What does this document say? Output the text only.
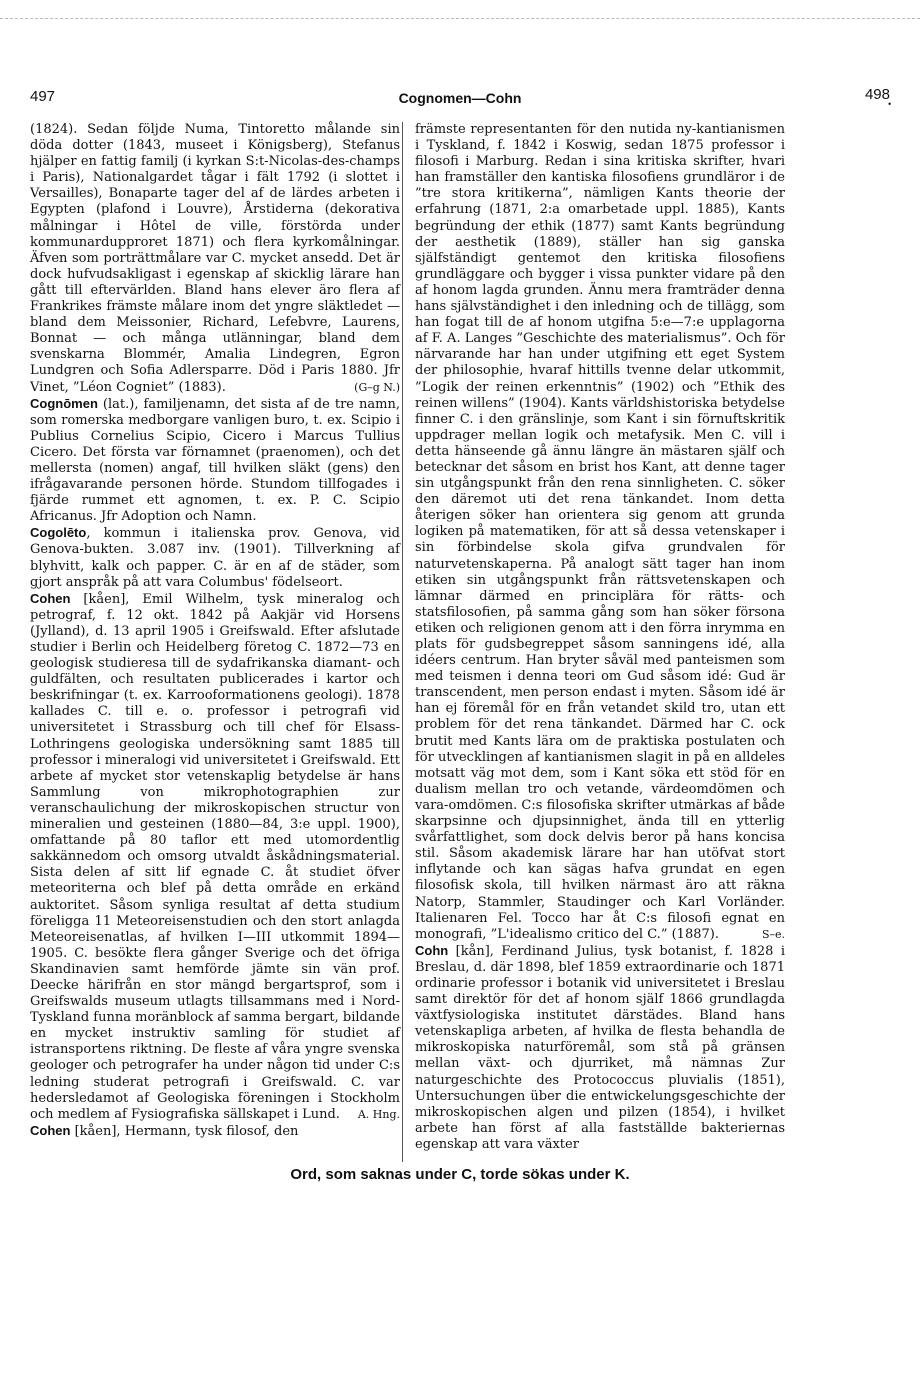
•
497	Cognomen—Cohn	498

(1824). Sedan följde Numa, Tintoretto målande sin döda dotter (1843, museet i Königsberg), Stefanus hjälper en fattig familj (i kyrkan S:t-Nicolas-des-champs i Paris), Nationalgardet tågar i fält 1792 (i slottet i Versailles), Bonaparte tager del af de lärdes arbeten i Egypten (plafond i Louvre), Årstiderna (dekorativa målningar i Hôtel de ville, förstörda under kommunardupproret 1871) och flera kyrkomålningar. Äfven som porträttmålare var C. mycket ansedd. Det är dock hufvudsakligast i egenskap af skicklig lärare han gått till eftervärlden. Bland hans elever äro flera af Frankrikes främste målare inom det yngre släktledet — bland dem Meissonier, Richard, Lefebvre, Laurens, Bonnat — och många utlänningar, bland dem svenskarna Blommér, Amalia Lindegren, Egron Lundgren och Sofia Adlersparre. Död i Paris 1880. Jfr Vinet, ”Léon Cogniet” (1883).	(G–g N.)

Cognōmen (lat.), familjenamn, det sista af de tre namn, som romerska medborgare vanligen buro, t. ex. Scipio i Publius Cornelius Scipio, Cicero i Marcus Tullius Cicero. Det första var förnamnet (praenomen), och det mellersta (nomen) angaf, till hvilken släkt (gens) den ifrågavarande personen hörde. Stundom tillfogades i fjärde rummet ett agnomen, t. ex. P. C. Scipio Africanus. Jfr Adoption och Namn.

Cogolēto, kommun i italienska prov. Genova, vid Genova-bukten. 3.087 inv. (1901). Tillverkning af blyhvitt, kalk och papper. C. är en af de städer, som gjort anspråk på att vara Columbus' födelseort.

Cohen [kåen], Emil Wilhelm, tysk mineralog och petrograf, f. 12 okt. 1842 på Aakjär vid Horsens (Jylland), d. 13 april 1905 i Greifswald. Efter afslutade studier i Berlin och Heidelberg företog C. 1872—73 en geologisk studieresa till de sydafrikanska diamant- och guldfälten, och resultaten publicerades i kartor och beskrifningar (t. ex. Karrooformationens geologi). 1878 kallades C. till e. o. professor i petrografi vid universitetet i Strassburg och till chef för Elsass-Lothringens geologiska undersökning samt 1885 till professor i mineralogi vid universitetet i Greifswald. Ett arbete af mycket stor vetenskaplig betydelse är hans Sammlung von mikrophotographien zur veranschaulichung der mikroskopischen structur von mineralien und gesteinen (1880—84, 3:e uppl. 1900), omfattande på 80 taflor ett med utomordentlig sakkännedom och omsorg utvaldt åskådningsmaterial. Sista delen af sitt lif egnade C. åt studiet öfver meteoriterna och blef på detta område en erkänd auktoritet. Såsom synliga resultat af detta studium föreligga 11 Meteoreisenstudien och den stort anlagda Meteoreisenatlas, af hvilken I—III utkommit 1894—1905. C. besökte flera gånger Sverige och det öfriga Skandinavien samt hemförde jämte sin vän prof. Deecke härifrån en stor mängd bergartsprof, som i Greifswalds museum utlagts tillsammans med i Nord-Tyskland funna moränblock af samma bergart, bildande en mycket instruktiv samling för studiet af istransportens riktning. De fleste af våra yngre svenska geologer och petrografer ha under någon tid under C:s ledning studerat petrografi i Greifswald. C. var hedersledamot af Geologiska föreningen i Stockholm och medlem af Fysiografiska sällskapet i Lund. A. Hng.

Cohen [kåen], Hermann, tysk filosof, den

främste representanten för den nutida ny-kantianismen i Tyskland, f. 1842 i Koswig, sedan 1875 professor i filosofi i Marburg. Redan i sina kritiska skrifter, hvari han framställer den kantiska filosofiens grundläror i de ”tre stora kritikerna”, nämligen Kants theorie der erfahrung (1871, 2:a omarbetade uppl. 1885), Kants begründung der ethik (1877) samt Kants begründung der aesthetik (1889), ställer han sig ganska själfständigt gentemot den kritiska filosofiens grundläggare och bygger i vissa punkter vidare på den af honom lagda grunden. Ännu mera framträder denna hans självständighet i den inledning och de tillägg, som han fogat till de af honom utgifna 5:e—7:e upplagorna af F. A. Langes ”Geschichte des materialismus”. Och för närvarande har han under utgifning ett eget System der philosophie, hvaraf hittills tvenne delar utkommit, ”Logik der reinen erkenntnis” (1902) och ”Ethik des reinen willens” (1904). Kants världshistoriska betydelse finner C. i den gränslinje, som Kant i sin förnuftskritik uppdrager mellan logik och metafysik. Men C. vill i detta hänseende gå ännu längre än mästaren själf och betecknar det såsom en brist hos Kant, att denne tager sin utgångspunkt från den rena sinnligheten. C. söker den däremot uti det rena tänkandet. Inom detta återigen söker han orientera sig genom att grunda logiken på matematiken, för att så dessa vetenskaper i sin förbindelse skola gifva grundvalen för naturvetenskaperna. På analogt sätt tager han inom etiken sin utgångspunkt från rättsvetenskapen och lämnar därmed en principlära för rätts- och statsfilosofien, på samma gång som han söker försona etiken och religionen genom att i den förra inrymma en plats för gudsbegreppet såsom sanningens idé, alla idéers centrum. Han bryter såväl med panteismen som med teismen i denna teori om Gud såsom idé: Gud är transcendent, men person endast i myten. Såsom idé är han ej föremål för en från vetandet skild tro, utan ett problem för det rena tänkandet. Därmed har C. ock brutit med Kants lära om de praktiska postulaten och för utvecklingen af kantianismen slagit in på en alldeles motsatt väg mot dem, som i Kant söka ett stöd för en dualism mellan tro och vetande, värdeomdömen och vara-omdömen. C:s filosofiska skrifter utmärkas af både skarpsinne och djupsinnighet, ända till en ytterlig svårfattlighet, som dock delvis beror på hans koncisa stil. Såsom akademisk lärare har han utöfvat stort inflytande och kan sägas hafva grundat en egen filosofisk skola, till hvilken närmast äro att räkna Natorp, Stammler, Staudinger och Karl Vorländer. Italienaren Fel. Tocco har åt C:s filosofi egnat en monografi, ”L'idealismo critico del C.” (1887).	S–e.

Cohn [kån], Ferdinand Julius, tysk botanist, f. 1828 i Breslau, d. där 1898, blef 1859 extraordinarie och 1871 ordinarie professor i botanik vid universitetet i Breslau samt direktör för det af honom själf 1866 grundlagda växtfysiologiska institutet därstädes. Bland hans vetenskapliga arbeten, af hvilka de flesta behandla de mikroskopiska naturföremål, som stå på gränsen mellan växt- och djurriket, må nämnas Zur naturgeschichte des Protococcus pluvialis (1851), Untersuchungen über die entwickelungsgeschichte der mikroskopischen algen und pilzen (1854), i hvilket arbete han först af alla fastställde bakteriernas egenskap att vara växter

Ord, som saknas under C, torde sökas under K.
